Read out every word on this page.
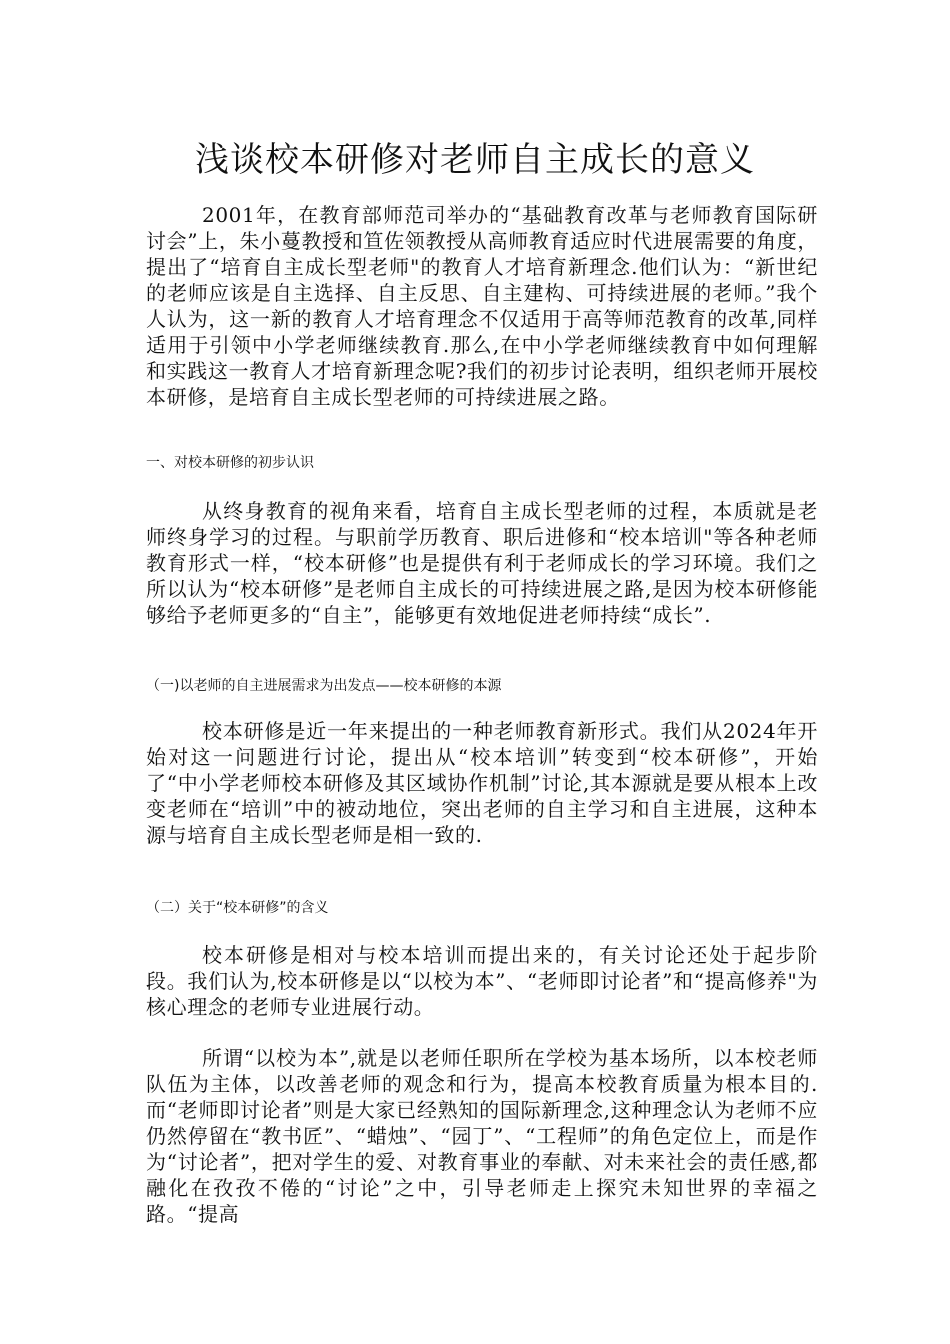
浅谈校本研修对老师自主成长的意义

2001年，在教育部师范司举办的“基础教育改革与老师教育国际研讨会”上，朱小蔓教授和笪佐领教授从高师教育适应时代进展需要的角度，提出了“培育自主成长型老师"的教育人才培育新理念.他们认为：“新世纪的老师应该是自主选择、自主反思、自主建构、可持续进展的老师。”我个人认为，这一新的教育人才培育理念不仅适用于高等师范教育的改革,同样适用于引领中小学老师继续教育.那么,在中小学老师继续教育中如何理解和实践这一教育人才培育新理念呢?我们的初步讨论表明，组织老师开展校本研修，是培育自主成长型老师的可持续进展之路。

一、对校本研修的初步认识

从终身教育的视角来看，培育自主成长型老师的过程，本质就是老师终身学习的过程。与职前学历教育、职后进修和“校本培训"等各种老师教育形式一样，“校本研修”也是提供有利于老师成长的学习环境。我们之所以认为“校本研修”是老师自主成长的可持续进展之路,是因为校本研修能够给予老师更多的“自主”，能够更有效地促进老师持续“成长”.

（一)以老师的自主进展需求为出发点——校本研修的本源

校本研修是近一年来提出的一种老师教育新形式。我们从2024年开始对这一问题进行讨论，提出从“校本培训”转变到“校本研修”，开始了“中小学老师校本研修及其区域协作机制”讨论,其本源就是要从根本上改变老师在“培训”中的被动地位，突出老师的自主学习和自主进展，这种本源与培育自主成长型老师是相一致的.

（二）关于“校本研修”的含义

校本研修是相对与校本培训而提出来的，有关讨论还处于起步阶段。我们认为,校本研修是以“以校为本”、“老师即讨论者”和“提高修养"为核心理念的老师专业进展行动。

所谓“以校为本”,就是以老师任职所在学校为基本场所，以本校老师队伍为主体，以改善老师的观念和行为，提高本校教育质量为根本目的.而“老师即讨论者”则是大家已经熟知的国际新理念,这种理念认为老师不应仍然停留在“教书匠”、“蜡烛”、“园丁”、“工程师”的角色定位上，而是作为“讨论者”，把对学生的爱、对教育事业的奉献、对未来社会的责任感,都融化在孜孜不倦的“讨论”之中，引导老师走上探究未知世界的幸福之路。“提高
